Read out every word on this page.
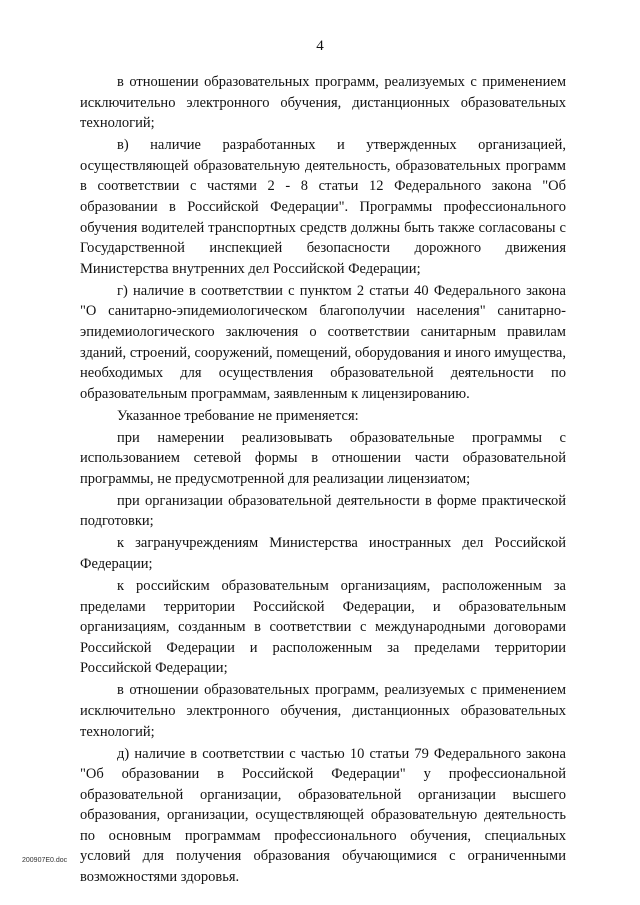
4

в отношении образовательных программ, реализуемых с применением исключительно электронного обучения, дистанционных образовательных технологий;

в) наличие разработанных и утвержденных организацией, осуществляющей образовательную деятельность, образовательных программ в соответствии с частями 2 - 8 статьи 12 Федерального закона "Об образовании в Российской Федерации". Программы профессионального обучения водителей транспортных средств должны быть также согласованы с Государственной инспекцией безопасности дорожного движения Министерства внутренних дел Российской Федерации;

г) наличие в соответствии с пунктом 2 статьи 40 Федерального закона "О санитарно-эпидемиологическом благополучии населения" санитарно-эпидемиологического заключения о соответствии санитарным правилам зданий, строений, сооружений, помещений, оборудования и иного имущества, необходимых для осуществления образовательной деятельности по образовательным программам, заявленным к лицензированию.

Указанное требование не применяется:

при намерении реализовывать образовательные программы с использованием сетевой формы в отношении части образовательной программы, не предусмотренной для реализации лицензиатом;

при организации образовательной деятельности в форме практической подготовки;

к загранучреждениям Министерства иностранных дел Российской Федерации;

к российским образовательным организациям, расположенным за пределами территории Российской Федерации, и образовательным организациям, созданным в соответствии с международными договорами Российской Федерации и расположенным за пределами территории Российской Федерации;

в отношении образовательных программ, реализуемых с применением исключительно электронного обучения, дистанционных образовательных технологий;

д) наличие в соответствии с частью 10 статьи 79 Федерального закона "Об образовании в Российской Федерации" у профессиональной образовательной организации, образовательной организации высшего образования, организации, осуществляющей образовательную деятельность по основным программам профессионального обучения, специальных условий для получения образования обучающимися с ограниченными возможностями здоровья.

200907E0.doc
